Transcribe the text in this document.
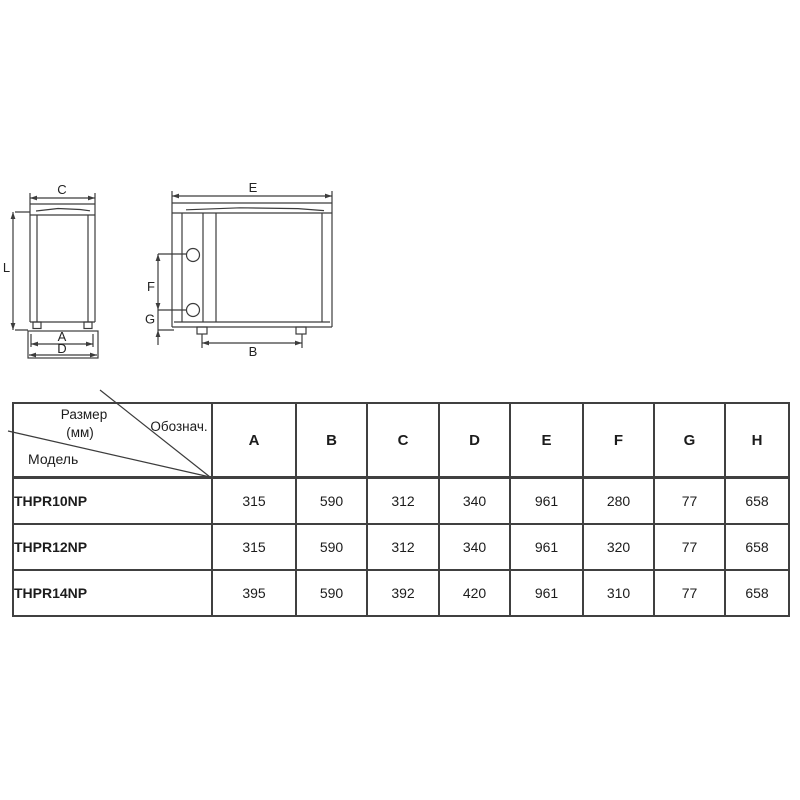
Размер
(мм) Обознач.
Модель	A	B	C	D	E	F	G	H
THPR10NP	315	590	312	340	961	280	77	658
THPR12NP	315	590	312	340	961	320	77	658
THPR14NP	395	590	392	420	961	310	77	658
C
L
A
D
E
F
G
B
